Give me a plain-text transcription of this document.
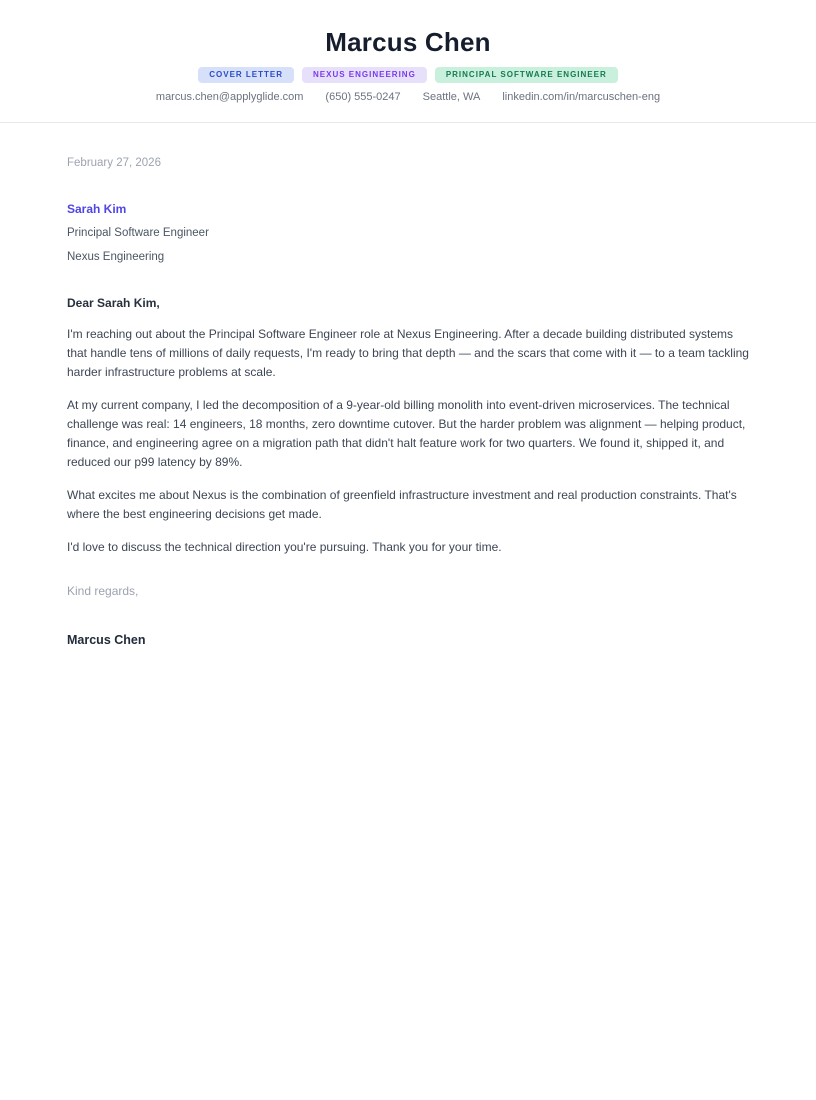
Marcus Chen
COVER LETTER	NEXUS ENGINEERING	PRINCIPAL SOFTWARE ENGINEER
marcus.chen@applyglide.com (650) 555-0247 Seattle, WA linkedin.com/in/marcuschen-eng

February 27, 2026

Sarah Kim

Principal Software Engineer

Nexus Engineering

Dear Sarah Kim,

I'm reaching out about the Principal Software Engineer role at Nexus Engineering. After a decade building distributed systems that handle tens of millions of daily requests, I'm ready to bring that depth — and the scars that come with it — to a team tackling harder infrastructure problems at scale.

At my current company, I led the decomposition of a 9-year-old billing monolith into event-driven microservices. The technical challenge was real: 14 engineers, 18 months, zero downtime cutover. But the harder problem was alignment — helping product, finance, and engineering agree on a migration path that didn't halt feature work for two quarters. We found it, shipped it, and reduced our p99 latency by 89%.

What excites me about Nexus is the combination of greenfield infrastructure investment and real production constraints. That's where the best engineering decisions get made.

I'd love to discuss the technical direction you're pursuing. Thank you for your time.

Kind regards,

Marcus Chen
